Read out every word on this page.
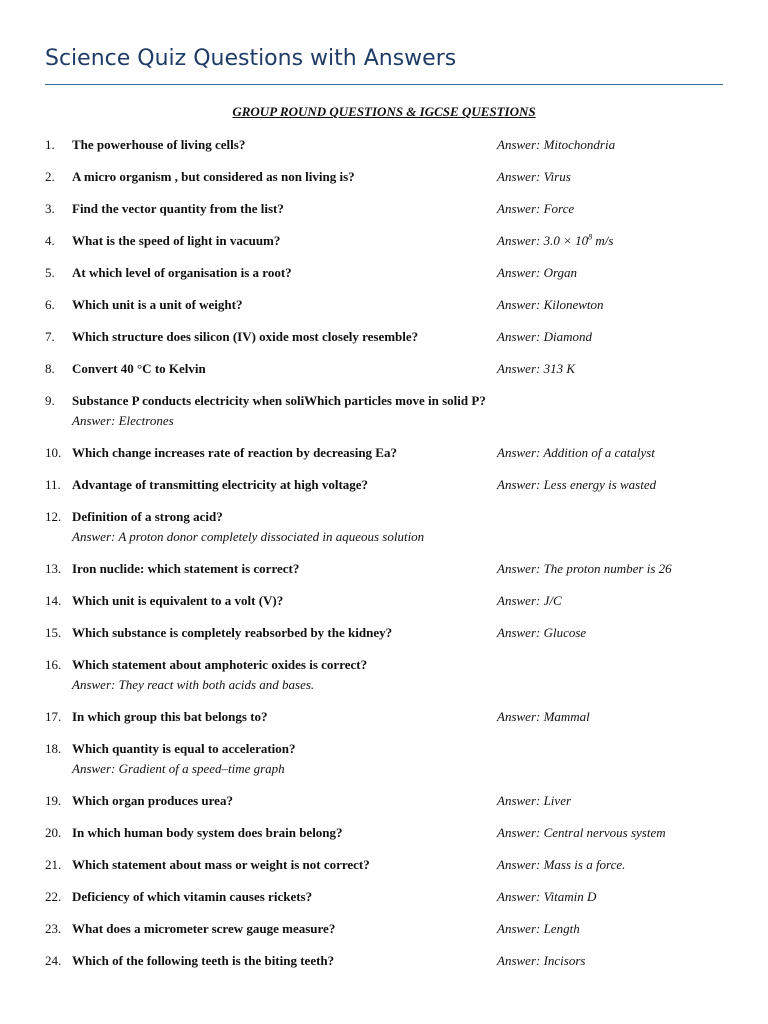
Science Quiz Questions with Answers
GROUP ROUND QUESTIONS & IGCSE QUESTIONS
1. The powerhouse of living cells?	Answer: Mitochondria
2. A micro organism , but considered as non living is?	Answer: Virus
3. Find the vector quantity from the list?	Answer: Force
4. What is the speed of light in vacuum?	Answer: $3.0 \times 10^8$ m/s
5. At which level of organisation is a root?	Answer: Organ
6. Which unit is a unit of weight?	Answer: Kilonewton
7. Which structure does silicon (IV) oxide most closely resemble?	Answer: Diamond
8. Convert 40 °C to Kelvin	Answer: 313 K
9. Substance P conducts electricity when soliWhich particles move in solid P?
Answer: Electrones
10. Which change increases rate of reaction by decreasing Ea?	Answer: Addition of a catalyst
11. Advantage of transmitting electricity at high voltage?	Answer: Less energy is wasted
12. Definition of a strong acid?
Answer: A proton donor completely dissociated in aqueous solution
13. Iron nuclide: which statement is correct?	Answer: The proton number is 26
14. Which unit is equivalent to a volt (V)?	Answer: J/C
15. Which substance is completely reabsorbed by the kidney?	Answer: Glucose
16. Which statement about amphoteric oxides is correct?
Answer: They react with both acids and bases.
17. In which group this bat belongs to?	Answer: Mammal
18. Which quantity is equal to acceleration?
Answer: Gradient of a speed–time graph
19. Which organ produces urea?	Answer: Liver
20. In which human body system does brain belong?	Answer: Central nervous system
21. Which statement about mass or weight is not correct?	Answer: Mass is a force.
22. Deficiency of which vitamin causes rickets?	Answer: Vitamin D
23. What does a micrometer screw gauge measure?	Answer: Length
24. Which of the following teeth is the biting teeth?	Answer: Incisors
